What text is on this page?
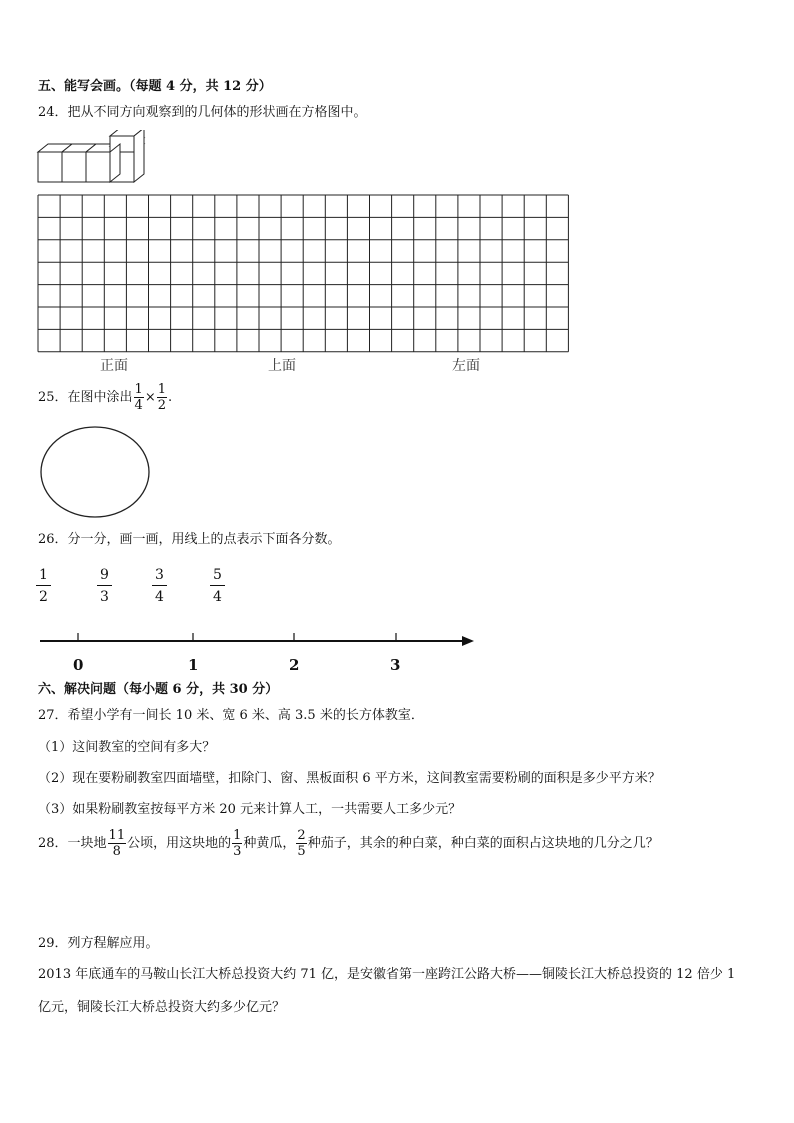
五、能写会画。（每题 4 分，共 12 分）
24．把从不同方向观察到的几何体的形状画在方格图中。
正面	上面	左面
25．在图中涂出 $\frac{1}{4} \times \frac{1}{2}$ .
26．分一分，画一画，用线上的点表示下面各分数。
$\frac{1}{2}$	$\frac{9}{3}$	$\frac{3}{4}$	$\frac{5}{4}$
0	1	2	3
六、解决问题（每小题 6 分，共 30 分）
27．希望小学有一间长 10 米、宽 6 米、高 3.5 米的长方体教室．
（1）这间教室的空间有多大？
（2）现在要粉刷教室四面墙壁，扣除门、窗、黑板面积 6 平方米，这间教室需要粉刷的面积是多少平方米？
（3）如果粉刷教室按每平方米 20 元来计算人工，一共需要人工多少元？
28．一块地 $\frac{11}{8}$ 公顷，用这块地的 $\frac{1}{3}$ 种黄瓜， $\frac{2}{5}$ 种茄子，其余的种白菜，种白菜的面积占这块地的几分之几？
29．列方程解应用。
2013 年底通车的马鞍山长江大桥总投资大约 71 亿，是安徽省第一座跨江公路大桥——铜陵长江大桥总投资的 12 倍少 1
亿元，铜陵长江大桥总投资大约多少亿元？
